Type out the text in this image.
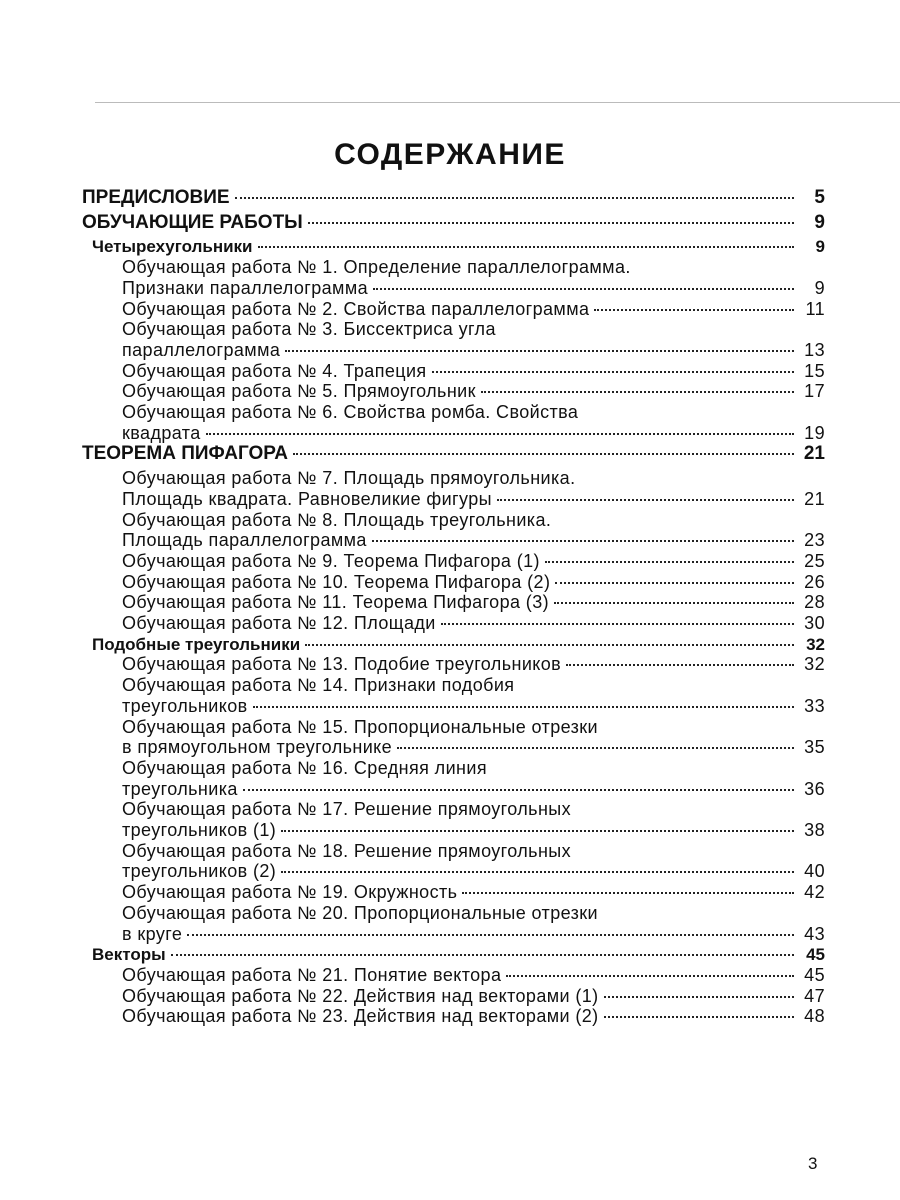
СОДЕРЖАНИЕ
ПРЕДИСЛОВИЕ	5
ОБУЧАЮЩИЕ РАБОТЫ	9
Четырехугольники	9
Обучающая работа № 1. Определение параллелограмма.
Признаки параллелограмма	9
Обучающая работа № 2. Свойства параллелограмма	11
Обучающая работа № 3. Биссектриса угла
параллелограмма	13
Обучающая работа № 4. Трапеция	15
Обучающая работа № 5. Прямоугольник	17
Обучающая работа № 6. Свойства ромба. Свойства
квадрата	19
ТЕОРЕМА ПИФАГОРА	21
Обучающая работа № 7. Площадь прямоугольника.
Площадь квадрата. Равновеликие фигуры	21
Обучающая работа № 8. Площадь треугольника.
Площадь параллелограмма	23
Обучающая работа № 9. Теорема Пифагора (1)	25
Обучающая работа № 10. Теорема Пифагора (2)	26
Обучающая работа № 11. Теорема Пифагора (3)	28
Обучающая работа № 12. Площади	30
Подобные треугольники	32
Обучающая работа № 13. Подобие треугольников	32
Обучающая работа № 14. Признаки подобия
треугольников	33
Обучающая работа № 15. Пропорциональные отрезки
в прямоугольном треугольнике	35
Обучающая работа № 16. Средняя линия
треугольника	36
Обучающая работа № 17. Решение прямоугольных
треугольников (1)	38
Обучающая работа № 18. Решение прямоугольных
треугольников (2)	40
Обучающая работа № 19. Окружность	42
Обучающая работа № 20. Пропорциональные отрезки
в круге	43
Векторы	45
Обучающая работа № 21. Понятие вектора	45
Обучающая работа № 22. Действия над векторами (1)	47
Обучающая работа № 23. Действия над векторами (2)	48
3
